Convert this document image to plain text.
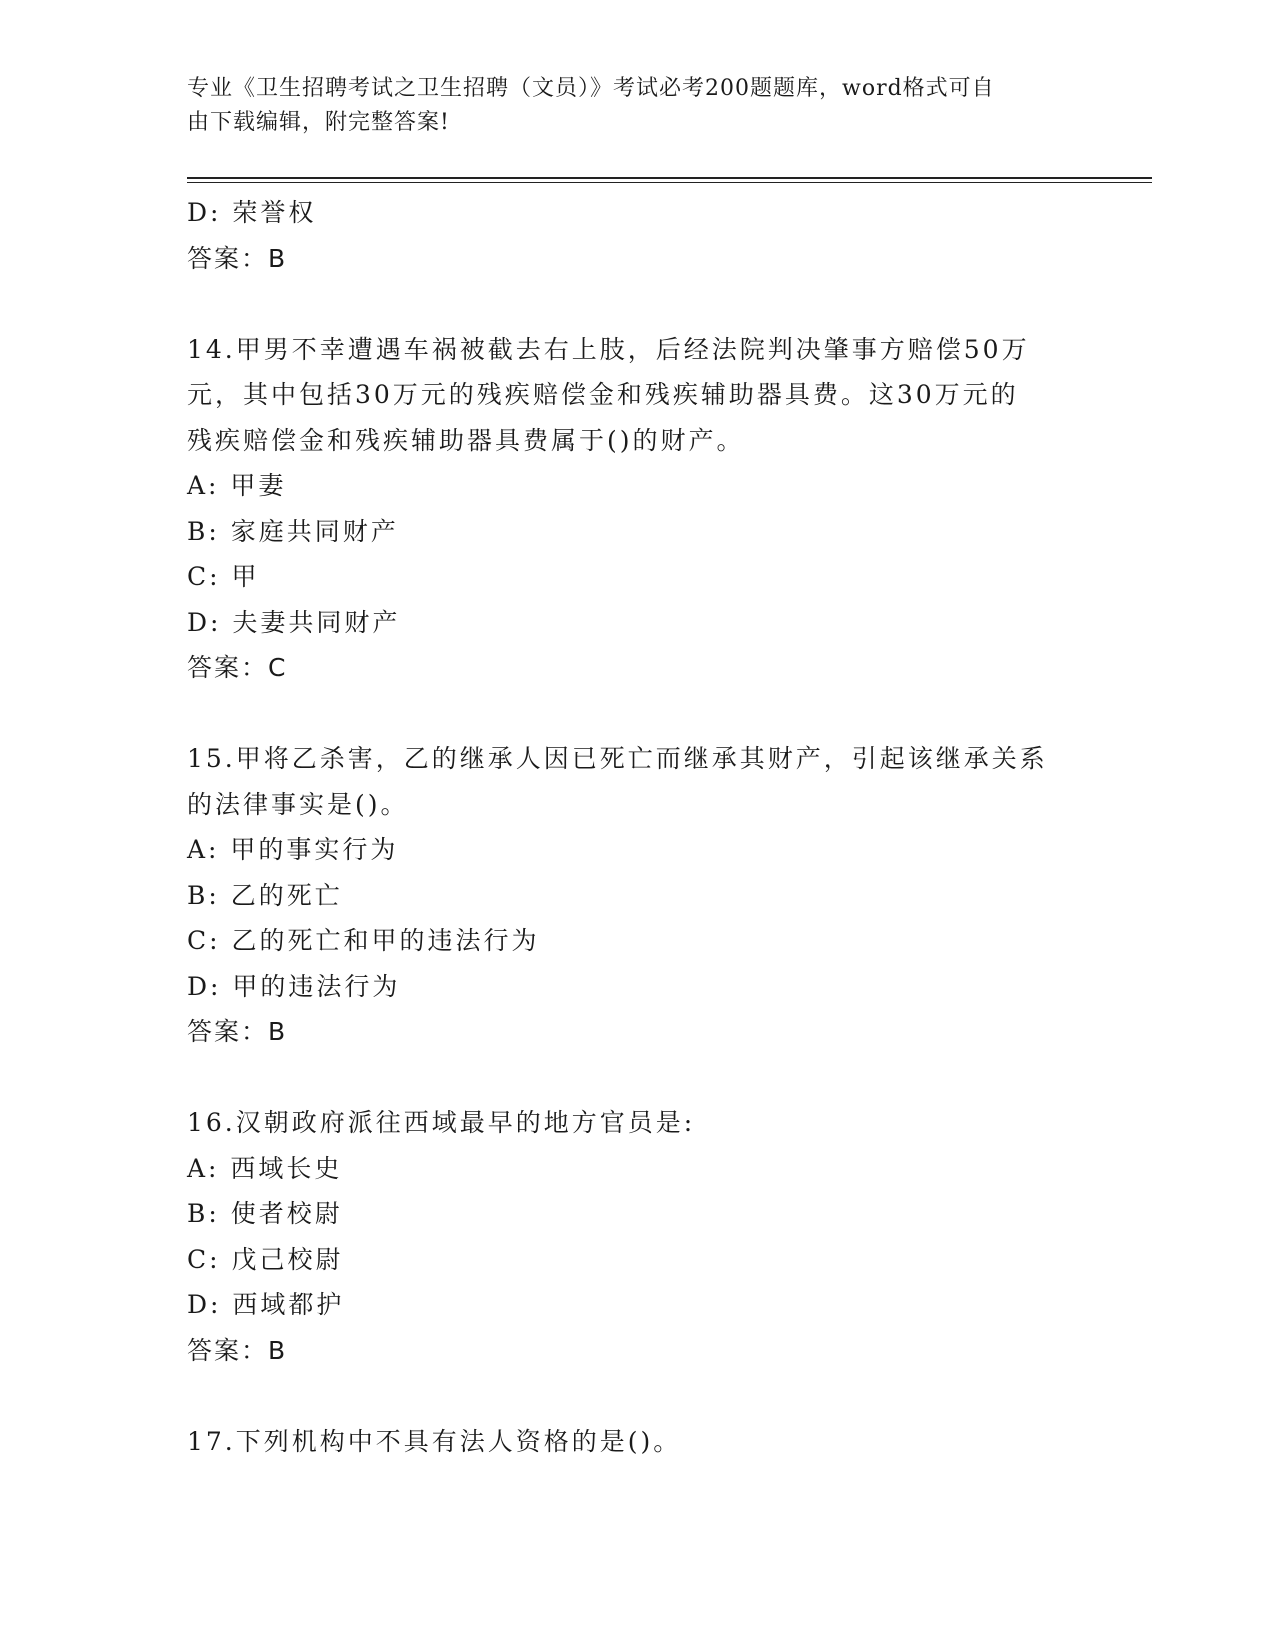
专业《卫生招聘考试之卫生招聘（文员）》考试必考200题题库，word格式可自
由下载编辑，附完整答案!

D: 荣誉权

答案：B

14.甲男不幸遭遇车祸被截去右上肢，后经法院判决肇事方赔偿50万

元，其中包括30万元的残疾赔偿金和残疾辅助器具费。这30万元的

残疾赔偿金和残疾辅助器具费属于()的财产。

A: 甲妻

B: 家庭共同财产

C: 甲

D: 夫妻共同财产

答案：C

15.甲将乙杀害，乙的继承人因已死亡而继承其财产，引起该继承关系

的法律事实是()。

A: 甲的事实行为

B: 乙的死亡

C: 乙的死亡和甲的违法行为

D: 甲的违法行为

答案：B

16.汉朝政府派往西域最早的地方官员是:

A: 西域长史

B: 使者校尉

C: 戊己校尉

D: 西域都护

答案：B

17.下列机构中不具有法人资格的是()。
